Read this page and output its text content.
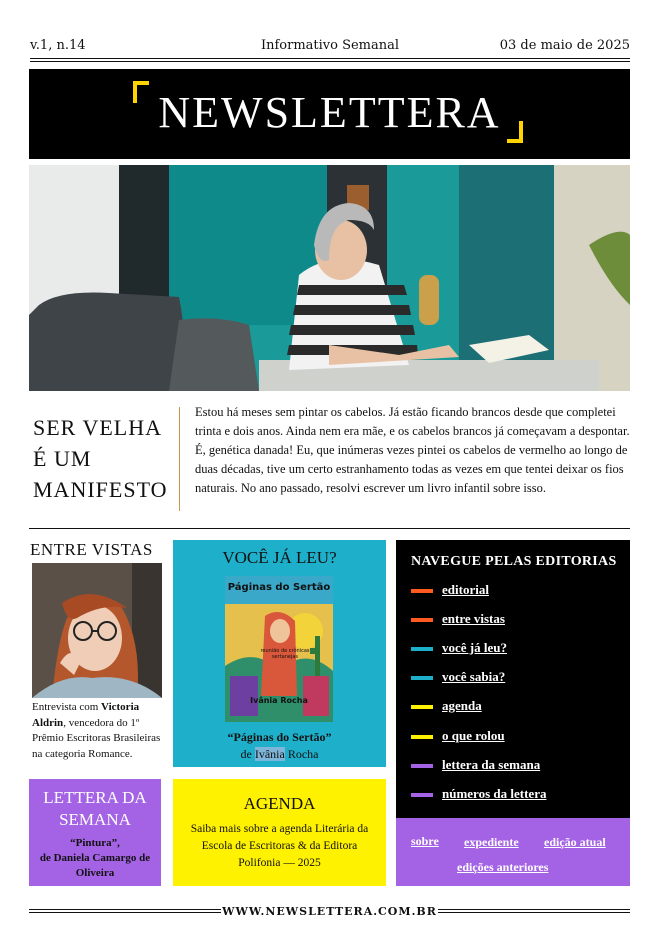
v.1, n.14	Informativo Semanal	03 de maio de 2025
NEWSLETTERA
SER VELHA
É UM
MANIFESTO
Estou há meses sem pintar os cabelos. Já estão ficando brancos desde que completei trinta e dois anos. Ainda nem era mãe, e os cabelos brancos já começavam a despontar. É, genética danada! Eu, que inúmeras vezes pintei os cabelos de vermelho ao longo de duas décadas, tive um certo estranhamento todas as vezes em que tentei deixar os fios naturais. No ano passado, resolvi escrever um livro infantil sobre isso.
ENTRE VISTAS
Entrevista com Victoria Aldrin, vencedora do 1º Prêmio Escritoras Brasileiras na categoria Romance.
LETTERA DA SEMANA
“Pintura”,
de Daniela Camargo de Oliveira
VOCÊ JÁ LEU?
Páginas do Sertão
reunião de crônicas sertanejas
Ivânia Rocha
“Páginas do Sertão”
de Ivânia Rocha
AGENDA
Saiba mais sobre a agenda Literária da Escola de Escritoras & da Editora Polifonia — 2025
NAVEGUE PELAS EDITORIAS
editorial
entre vistas
você já leu?
você sabia?
agenda
o que rolou
lettera da semana
números da lettera
sobre expediente edição atual
edições anteriores
WWW.NEWSLETTERA.COM.BR
